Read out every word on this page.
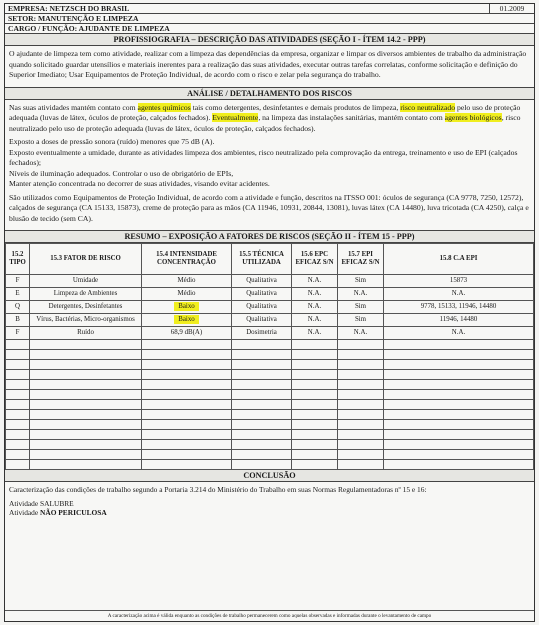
EMPRESA: NETZSCH DO BRASIL	01.2009
SETOR: MANUTENÇÃO E LIMPEZA
CARGO / FUNÇÃO: AJUDANTE DE LIMPEZA
PROFISSIOGRAFIA – DESCRIÇÃO DAS ATIVIDADES (SEÇÃO I - ÍTEM 14.2 - PPP)

O ajudante de limpeza tem como atividade, realizar com a limpeza das dependências da empresa, organizar e limpar os diversos ambientes de trabalho da administração quando solicitado guardar utensílios e materiais inerentes para a realização das suas atividades, executar outras tarefas correlatas, conforme solicitação e definição do Superior Imediato; Usar Equipamentos de Proteção Individual, de acordo com o risco e zelar pela segurança do trabalho.

ANÁLISE / DETALHAMENTO DOS RISCOS

Nas suas atividades mantém contato com agentes químicos tais como detergentes, desinfetantes e demais produtos de limpeza, risco neutralizado pelo uso de proteção adequada (luvas de látex, óculos de proteção, calçados fechados). Eventualmente, na limpeza das instalações sanitárias, mantém contato com agentes biológicos, risco neutralizado pelo uso de proteção adequada (luvas de látex, óculos de proteção, calçados fechados).

Exposto a doses de pressão sonora (ruído) menores que 75 dB (A).

Exposto eventualmente a umidade, durante as atividades limpeza dos ambientes, risco neutralizado pela comprovação da entrega, treinamento e uso de EPI (calçados fechados);

Níveis de iluminação adequados. Controlar o uso de obrigatório de EPIs,

Manter atenção concentrada no decorrer de suas atividades, visando evitar acidentes.

São utilizados como Equipamentos de Proteção Individual, de acordo com a atividade e função, descritos na ITSSO 001: óculos de segurança (CA 9778, 7250, 12572), calçados de segurança (CA 15133, 15873), creme de proteção para as mãos (CA 11946, 10931, 20844, 13081), luvas látex (CA 14480), luva tricotada (CA 4250), calça e blusão de tecido (sem CA).

RESUMO – EXPOSIÇÃO A FATORES DE RISCOS (SEÇÃO II - ÍTEM 15 - PPP)
15.2 TIPO	15.3 FATOR DE RISCO	15.4 INTENSIDADE CONCENTRAÇÃO	15.5 TÉCNICA UTILIZADA	15.6 EPC EFICAZ S/N	15.7 EPI EFICAZ S/N	15.8 C.A EPI
F	Umidade	Médio	Qualitativa	N.A.	Sim	15873
E	Limpeza de Ambientes	Médio	Qualitativa	N.A.	N.A.	N.A.
Q	Detergentes, Desinfetantes	Baixo	Qualitativa	N.A.	Sim	9778, 15133, 11946, 14480
B	Vírus, Bactérias, Micro-organismos	Baixo	Qualitativa	N.A.	Sim	11946, 14480
F	Ruído	68,9 dB(A)	Dosimetria	N.A.	N.A.	N.A.

CONCLUSÃO

Caracterização das condições de trabalho segundo a Portaria 3.214 do Ministério do Trabalho em suas Normas Regulamentadoras nº 15 e 16:

Atividade SALUBRE

Atividade NÃO PERICULOSA

A caracterização acima é válida enquanto as condições de trabalho permanecerem como aquelas observadas e informadas durante o levantamento de campo
